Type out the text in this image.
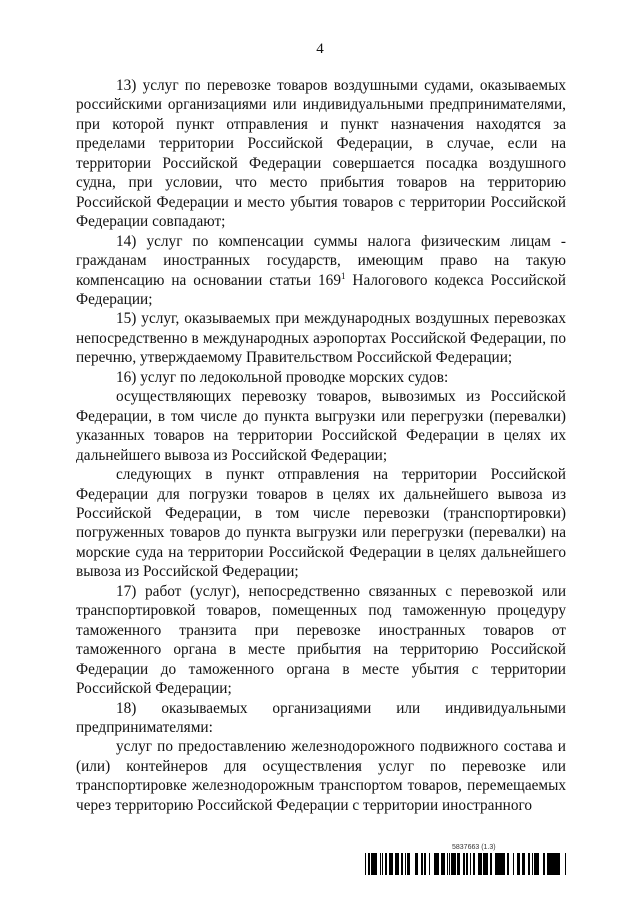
4

13) услуг по перевозке товаров воздушными судами, оказываемых российскими организациями или индивидуальными предпринимателями, при которой пункт отправления и пункт назначения находятся за пределами территории Российской Федерации, в случае, если на территории Российской Федерации совершается посадка воздушного судна, при условии, что место прибытия товаров на территорию Российской Федерации и место убытия товаров с территории Российской Федерации совпадают;

14) услуг по компенсации суммы налога физическим лицам - гражданам иностранных государств, имеющим право на такую компенсацию на основании статьи $169^1$ Налогового кодекса Российской Федерации;

15) услуг, оказываемых при международных воздушных перевозках непосредственно в международных аэропортах Российской Федерации, по перечню, утверждаемому Правительством Российской Федерации;

16) услуг по ледокольной проводке морских судов:

осуществляющих перевозку товаров, вывозимых из Российской Федерации, в том числе до пункта выгрузки или перегрузки (перевалки) указанных товаров на территории Российской Федерации в целях их дальнейшего вывоза из Российской Федерации;

следующих в пункт отправления на территории Российской Федерации для погрузки товаров в целях их дальнейшего вывоза из Российской Федерации, в том числе перевозки (транспортировки) погруженных товаров до пункта выгрузки или перегрузки (перевалки) на морские суда на территории Российской Федерации в целях дальнейшего вывоза из Российской Федерации;

17) работ (услуг), непосредственно связанных с перевозкой или транспортировкой товаров, помещенных под таможенную процедуру таможенного транзита при перевозке иностранных товаров от таможенного органа в месте прибытия на территорию Российской Федерации до таможенного органа в месте убытия с территории Российской Федерации;

18) оказываемых организациями или индивидуальными предпринимателями:

услуг по предоставлению железнодорожного подвижного состава и (или) контейнеров для осуществления услуг по перевозке или транспортировке железнодорожным транспортом товаров, перемещаемых через территорию Российской Федерации с территории иностранного

5837663 (1.3)
